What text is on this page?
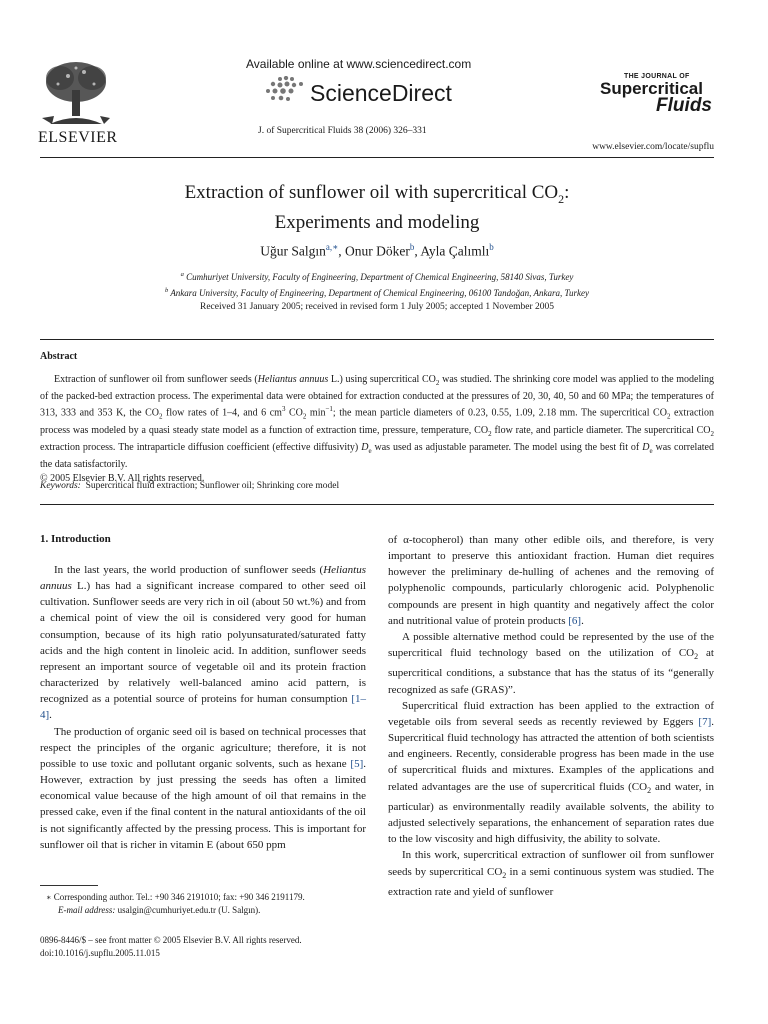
ELSEVIER
Available online at www.sciencedirect.com
ScienceDirect
J. of Supercritical Fluids 38 (2006) 326–331
THE JOURNAL OF
Supercritical
Fluids
www.elsevier.com/locate/supflu
Extraction of sunflower oil with supercritical $CO_2$:
Experiments and modeling
Uğur Salgın$^{a,∗}$, Onur Döker$^b$, Ayla Çalımlı$^b$
$^a$ Cumhuriyet University, Faculty of Engineering, Department of Chemical Engineering, 58140 Sivas, Turkey
$^b$ Ankara University, Faculty of Engineering, Department of Chemical Engineering, 06100 Tandoğan, Ankara, Turkey
Received 31 January 2005; received in revised form 1 July 2005; accepted 1 November 2005
Abstract
Extraction of sunflower oil from sunflower seeds (Heliantus annuus L.) using supercritical $CO_2$ was studied. The shrinking core model was applied to the modeling of the packed-bed extraction process. The experimental data were obtained for extraction conducted at the pressures of 20, 30, 40, 50 and 60 MPa; the temperatures of 313, 333 and 353 K, the $CO_2$ flow rates of 1–4, and 6 $cm^3$ $CO_2$ $\min^{-1}$; the mean particle diameters of 0.23, 0.55, 1.09, 2.18 mm. The supercritical $CO_2$ extraction process was modeled by a quasi steady state model as a function of extraction time, pressure, temperature, $CO_2$ flow rate, and particle diameter. The supercritical $CO_2$ extraction process. The intraparticle diffusion coefficient (effective diffusivity) $D_e$ was used as adjustable parameter. The model using the best fit of $D_e$ was correlated the data satisfactorily.
© 2005 Elsevier B.V. All rights reserved.
Keywords: Supercritical fluid extraction; Sunflower oil; Shrinking core model
1. Introduction

In the last years, the world production of sunflower seeds (Heliantus annuus L.) has had a significant increase compared to other seed oil cultivation. Sunflower seeds are very rich in oil (about 50 wt.%) and from a chemical point of view the oil is considered very good for human consumption, because of its high ratio polyunsaturated/saturated fatty acids and the high content in linoleic acid. In addition, sunflower seeds represent an important source of vegetable oil and its protein fraction characterized by relatively well-balanced amino acid pattern, is recognized as a potential source of proteins for human consumption [1–4].

The production of organic seed oil is based on technical processes that respect the principles of the organic agriculture; therefore, it is not possible to use toxic and pollutant organic solvents, such as hexane [5]. However, extraction by just pressing the seeds has often a limited economical value because of the high amount of oil that remains in the pressed cake, even if the final content in the natural antioxidants of the oil is not significantly affected by the pressing process. This is important for sunflower oil that is richer in vitamin E (about 650 ppm

∗ Corresponding author. Tel.: +90 346 2191010; fax: +90 346 2191179.
E-mail address: usalgin@cumhuriyet.edu.tr (U. Salgın).
0896-8446/$ – see front matter © 2005 Elsevier B.V. All rights reserved.
doi:10.1016/j.supflu.2005.11.015

of α-tocopherol) than many other edible oils, and therefore, is very important to preserve this antioxidant fraction. Human diet requires however the preliminary de-hulling of achenes and the removing of polyphenolic compounds, particularly chlorogenic acid. Polyphenolic compounds are present in high quantity and negatively affect the color and nutritional value of protein products [6].

A possible alternative method could be represented by the use of the supercritical fluid technology based on the utilization of $CO_2$ at supercritical conditions, a substance that has the status of its “generally recognized as safe (GRAS)”.

Supercritical fluid extraction has been applied to the extraction of vegetable oils from several seeds as recently reviewed by Eggers [7]. Supercritical fluid technology has attracted the attention of both scientists and engineers. Recently, considerable progress has been made in the use of supercritical fluids and mixtures. Examples of the applications and related advantages are the use of supercritical fluids ($CO_2$ and water, in particular) as environmentally readily available solvents, the ability to adjusted selectively separations, the enhancement of separation rates due to the low viscosity and high diffusivity, the ability to solvate.

In this work, supercritical extraction of sunflower oil from sunflower seeds by supercritical $CO_2$ in a semi continuous system was studied. The extraction rate and yield of sunflower
